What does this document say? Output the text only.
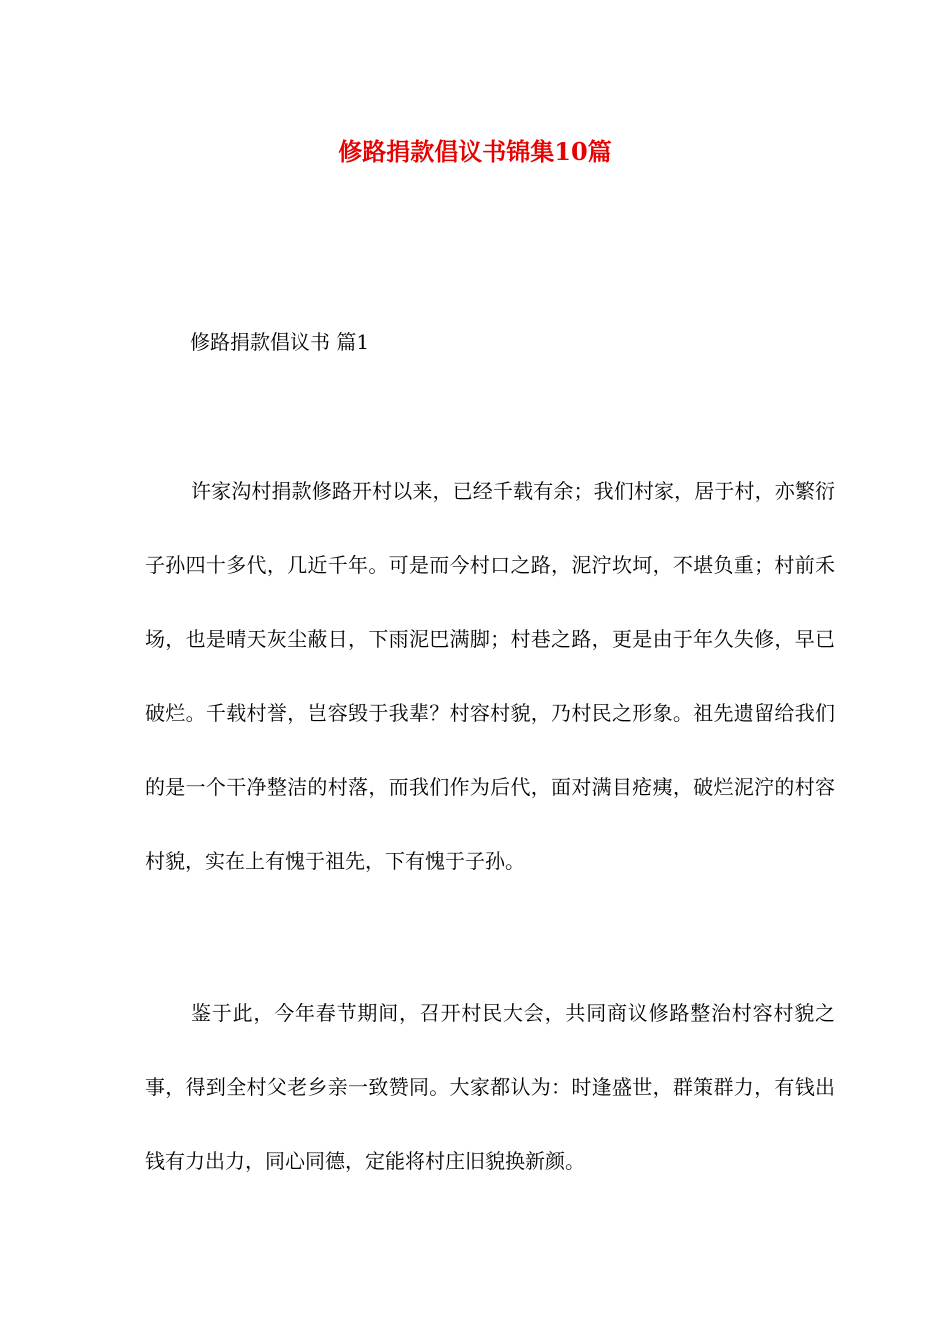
修路捐款倡议书锦集10篇

修路捐款倡议书 篇1

许家沟村捐款修路开村以来，已经千载有余；我们村家，居于村，亦繁衍子孙四十多代，几近千年。可是而今村口之路，泥泞坎坷，不堪负重；村前禾场，也是晴天灰尘蔽日，下雨泥巴满脚；村巷之路，更是由于年久失修，早已破烂。千载村誉，岂容毁于我辈？村容村貌，乃村民之形象。祖先遗留给我们的是一个干净整洁的村落，而我们作为后代，面对满目疮痍，破烂泥泞的村容村貌，实在上有愧于祖先，下有愧于子孙。

鉴于此，今年春节期间，召开村民大会，共同商议修路整治村容村貌之事，得到全村父老乡亲一致赞同。大家都认为：时逢盛世，群策群力，有钱出钱有力出力，同心同德，定能将村庄旧貌换新颜。
